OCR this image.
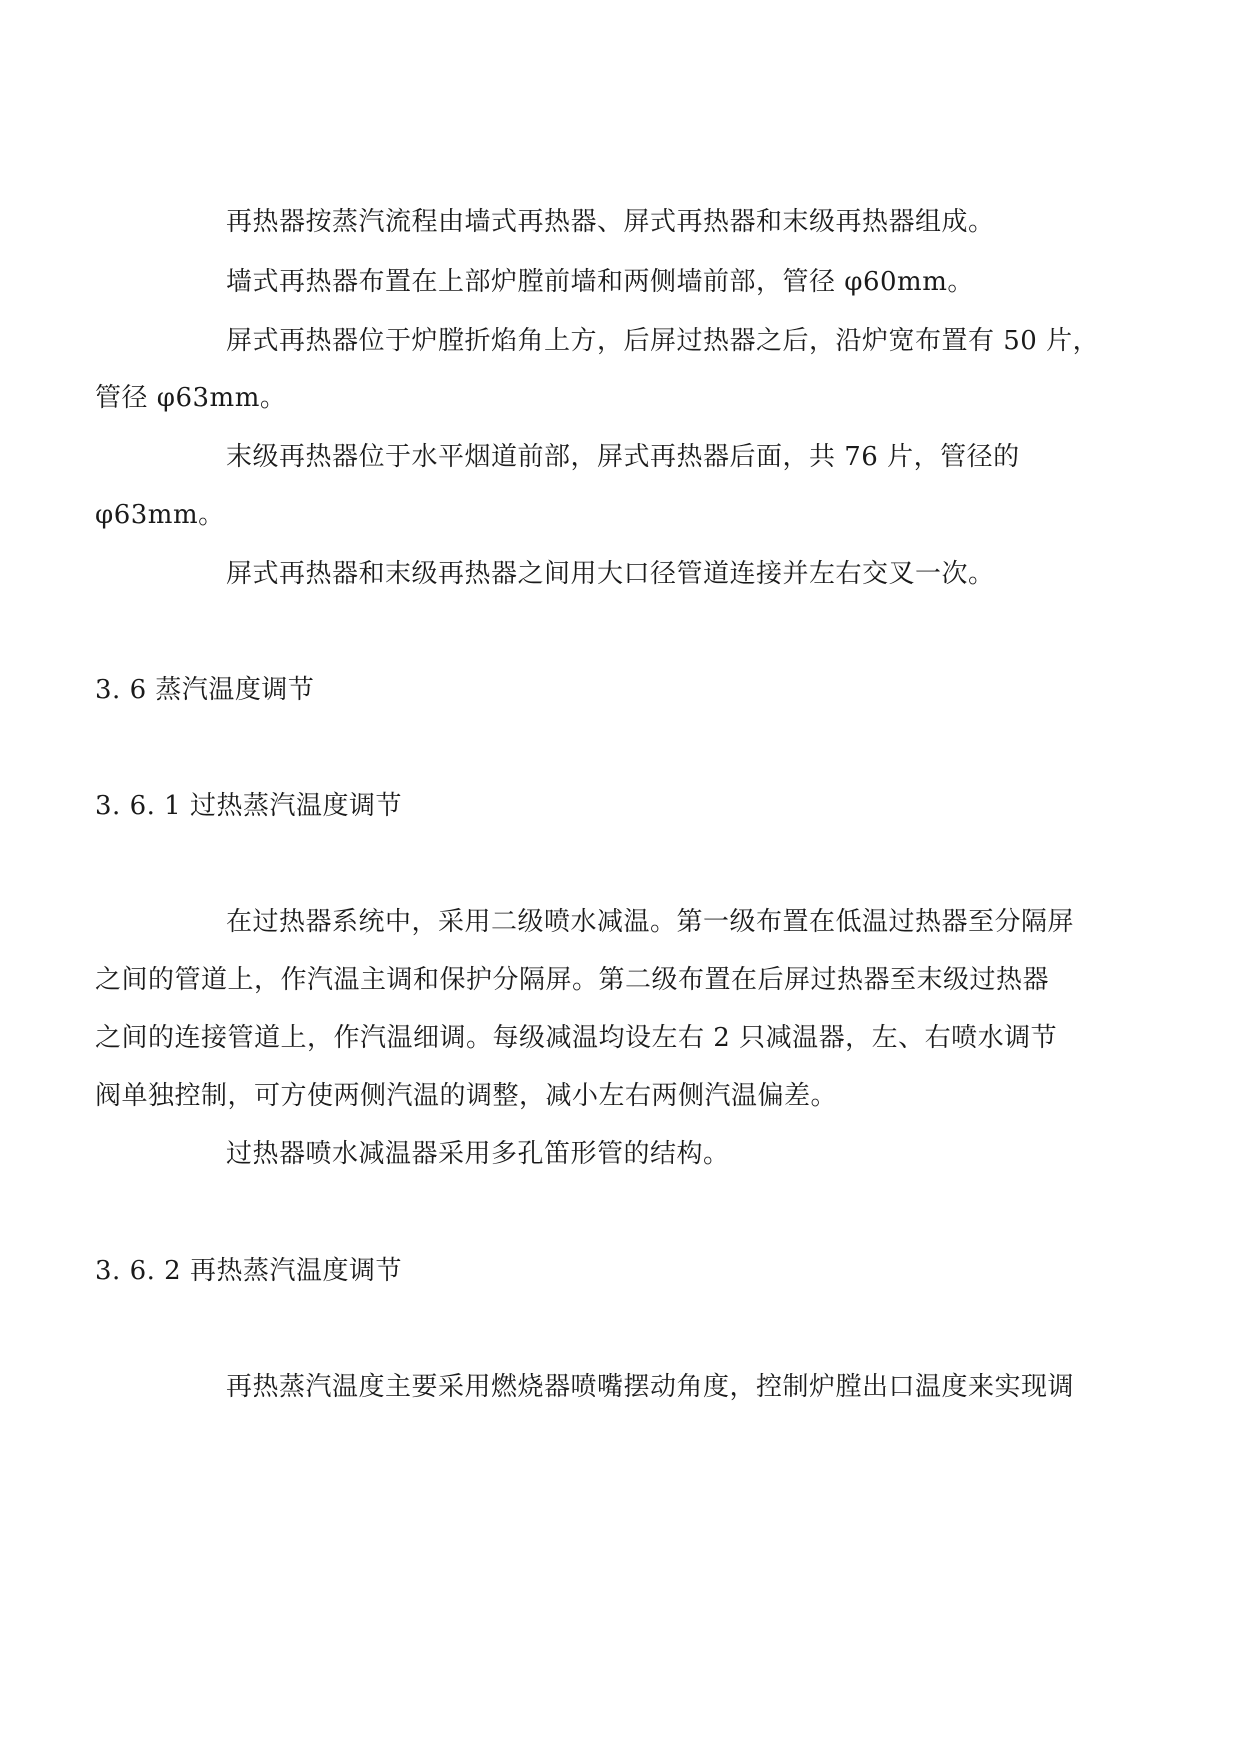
再热器按蒸汽流程由墙式再热器、屏式再热器和末级再热器组成。

墙式再热器布置在上部炉膛前墙和两侧墙前部，管径 φ60mm。

屏式再热器位于炉膛折焰角上方，后屏过热器之后，沿炉宽布置有 50 片，

管径 φ63mm。

末级再热器位于水平烟道前部，屏式再热器后面，共 76 片，管径的

φ63mm。

屏式再热器和末级再热器之间用大口径管道连接并左右交叉一次。

3. 6 蒸汽温度调节
3. 6. 1 过热蒸汽温度调节

在过热器系统中，采用二级喷水减温。第一级布置在低温过热器至分隔屏

之间的管道上，作汽温主调和保护分隔屏。第二级布置在后屏过热器至末级过热器

之间的连接管道上，作汽温细调。每级减温均设左右 2 只减温器，左、右喷水调节

阀单独控制，可方使两侧汽温的调整，减小左右两侧汽温偏差。

过热器喷水减温器采用多孔笛形管的结构。

3. 6. 2 再热蒸汽温度调节

再热蒸汽温度主要采用燃烧器喷嘴摆动角度，控制炉膛出口温度来实现调
